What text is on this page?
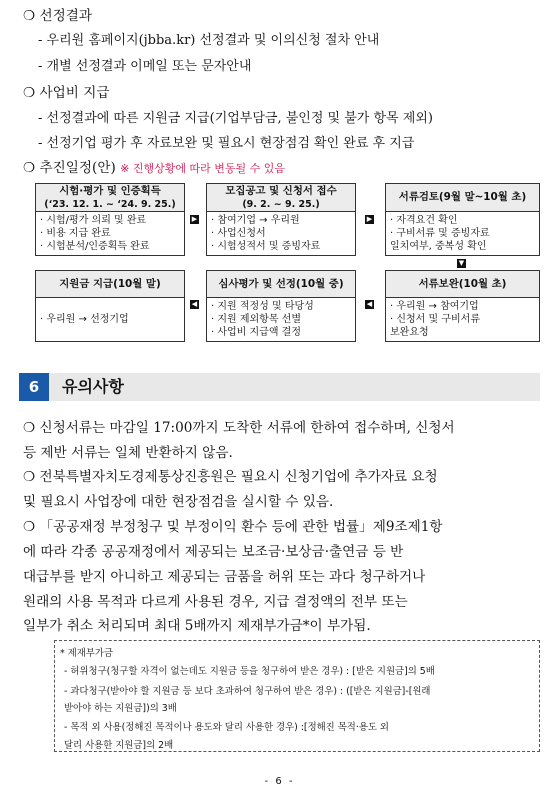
❍ 선정결과
- 우리원 홈페이지(jbba.kr) 선정결과 및 이의신청 절차 안내
- 개별 선정결과 이메일 또는 문자안내
❍ 사업비 지급
- 선정결과에 따른 지원금 지급(기업부담금, 불인정 및 불가 항목 제외)
- 선정기업 평가 후 자료보완 및 필요시 현장점검 확인 완료 후 지급
❍ 추진일정(안) ※ 진행상황에 따라 변동될 수 있음
시험·평가 및 인증획득
(‘23. 12. 1. ~ ‘24. 9. 25.)
· 시험/평가 의뢰 및 완료
· 비용 지급 완료
· 시험분석/인증획득 완료
▶
모집공고 및 신청서 접수
(9. 2. ~ 9. 25.)
· 참여기업 → 우리원
· 사업신청서
· 시험성적서 및 증빙자료
▶
서류검토(9월 말~10월 초)
· 자격요건 확인
· 구비서류 및 증빙자료
일치여부, 중복성 확인
▼
지원금 지급(10월 말)
· 우리원 → 선정기업
◀
심사평가 및 선정(10월 중)
· 지원 적정성 및 타당성
· 지원 제외항목 선별
· 사업비 지급액 결정
◀
서류보완(10월 초)
· 우리원 → 참여기업
· 신청서 및 구비서류
보완요청
6	유의사항
❍ 신청서류는 마감일 17:00까지 도착한 서류에 한하여 접수하며, 신청서
등 제반 서류는 일체 반환하지 않음.
❍ 전북특별자치도경제통상진흥원은 필요시 신청기업에 추가자료 요청
및 필요시 사업장에 대한 현장점검을 실시할 수 있음.
❍ 「공공재정 부정청구 및 부정이익 환수 등에 관한 법률」제9조제1항
에 따라 각종 공공재정에서 제공되는 보조금·보상금·출연금 등 반
대급부를 받지 아니하고 제공되는 금품을 허위 또는 과다 청구하거나
원래의 사용 목적과 다르게 사용된 경우, 지급 결정액의 전부 또는
일부가 취소 처리되며 최대 5배까지 제재부가금*이 부가됨.
* 제재부가금
- 허위청구(청구할 자격이 없는데도 지원금 등을 청구하여 받은 경우) : [받은 지원금]의 5배
- 과다청구(받아야 할 지원금 등 보다 초과하여 청구하여 받은 경우) : ([받은 지원금]-[원래
받아야 하는 지원금])의 3배
- 목적 외 사용(정해진 목적이나 용도와 달리 사용한 경우) :[정해진 목적·용도 외
달리 사용한 지원금]의 2배
- 6 -
